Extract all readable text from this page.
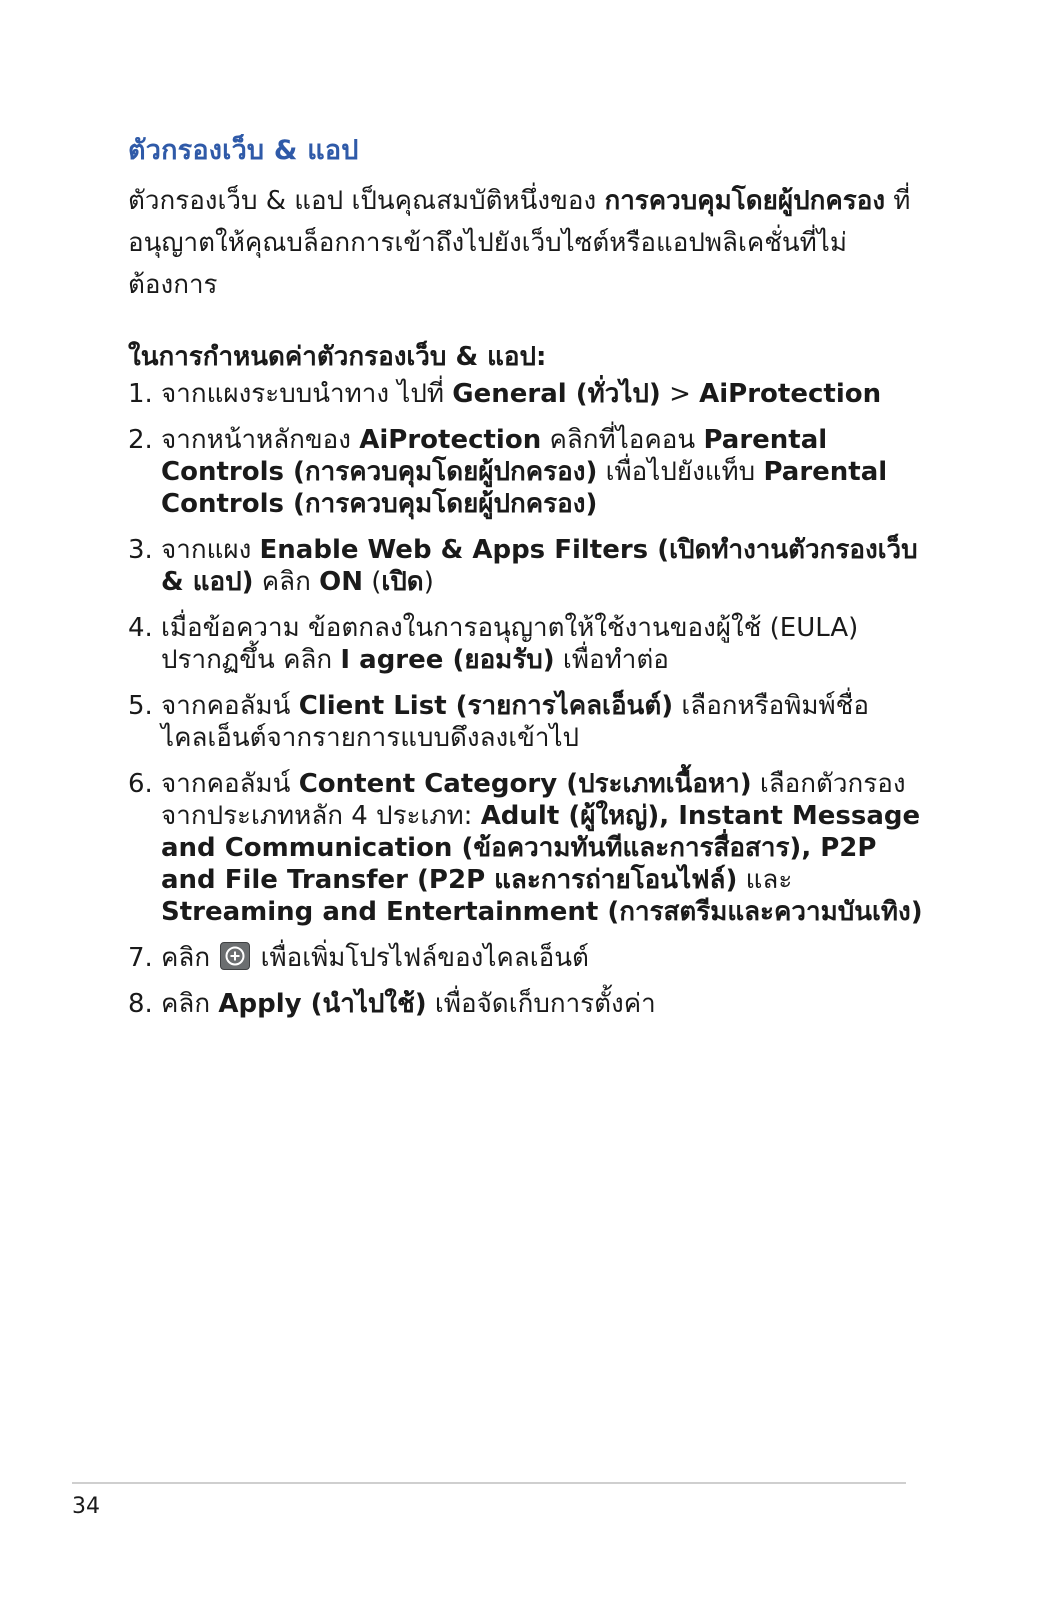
ตัวกรองเว็บ & แอป

ตัวกรองเว็บ & แอป เป็นคุณสมบัติหนึ่งของ การควบคุมโดยผู้ปกครอง ที่อนุญาตให้คุณบล็อกการเข้าถึงไปยังเว็บไซต์หรือแอปพลิเคชั่นที่ไม่ต้องการ

ในการกำหนดค่าตัวกรองเว็บ & แอป:

1. จากแผงระบบนำทาง ไปที่ General (ทั่วไป) > AiProtection
2. จากหน้าหลักของ AiProtection คลิกที่ไอคอน Parental Controls (การควบคุมโดยผู้ปกครอง) เพื่อไปยังแท็บ Parental Controls (การควบคุมโดยผู้ปกครอง)
3. จากแผง Enable Web & Apps Filters (เปิดทำงานตัวกรองเว็บ & แอป) คลิก ON (เปิด)
4. เมื่อข้อความ ข้อตกลงในการอนุญาตให้ใช้งานของผู้ใช้ (EULA) ปรากฏขึ้น คลิก I agree (ยอมรับ) เพื่อทำต่อ
5. จากคอลัมน์ Client List (รายการไคลเอ็นต์) เลือกหรือพิมพ์ชื่อไคลเอ็นต์จากรายการแบบดึงลงเข้าไป
6. จากคอลัมน์ Content Category (ประเภทเนื้อหา) เลือกตัวกรองจากประเภทหลัก 4 ประเภท: Adult (ผู้ใหญ่), Instant Message and Communication (ข้อความทันทีและการสื่อสาร), P2P and File Transfer (P2P และการถ่ายโอนไฟล์) และ Streaming and Entertainment (การสตรีมและความบันเทิง)
7. คลิก
เพื่อเพิ่มโปรไฟล์ของไคลเอ็นต์
8. คลิก Apply (นำไปใช้) เพื่อจัดเก็บการตั้งค่า

34
